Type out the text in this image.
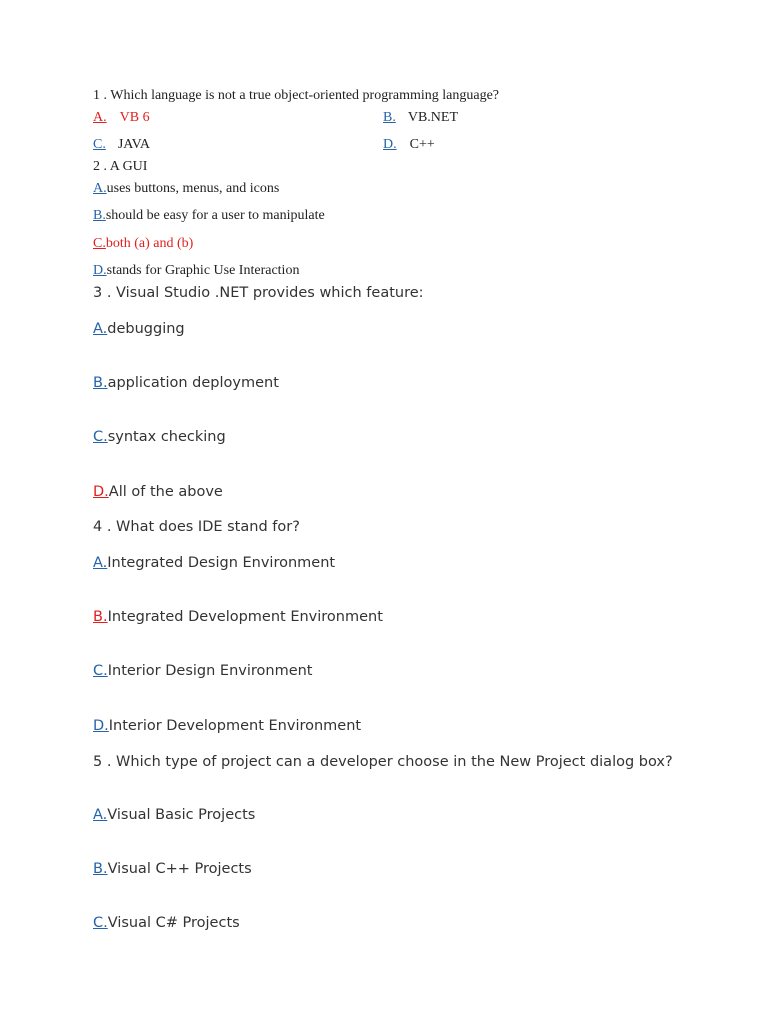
1 . Which language is not a true object-oriented programming language?
A. VB 6	B. VB.NET
C. JAVA	D. C++
2 . A GUI
A.uses buttons, menus, and icons
B.should be easy for a user to manipulate
C.both (a) and (b)
D.stands for Graphic Use Interaction
3 . Visual Studio .NET provides which feature:
A.debugging
B.application deployment
C.syntax checking
D.All of the above
4 . What does IDE stand for?
A.Integrated Design Environment
B.Integrated Development Environment
C.Interior Design Environment
D.Interior Development Environment
5 . Which type of project can a developer choose in the New Project dialog box?
A.Visual Basic Projects
B.Visual C++ Projects
C.Visual C# Projects
